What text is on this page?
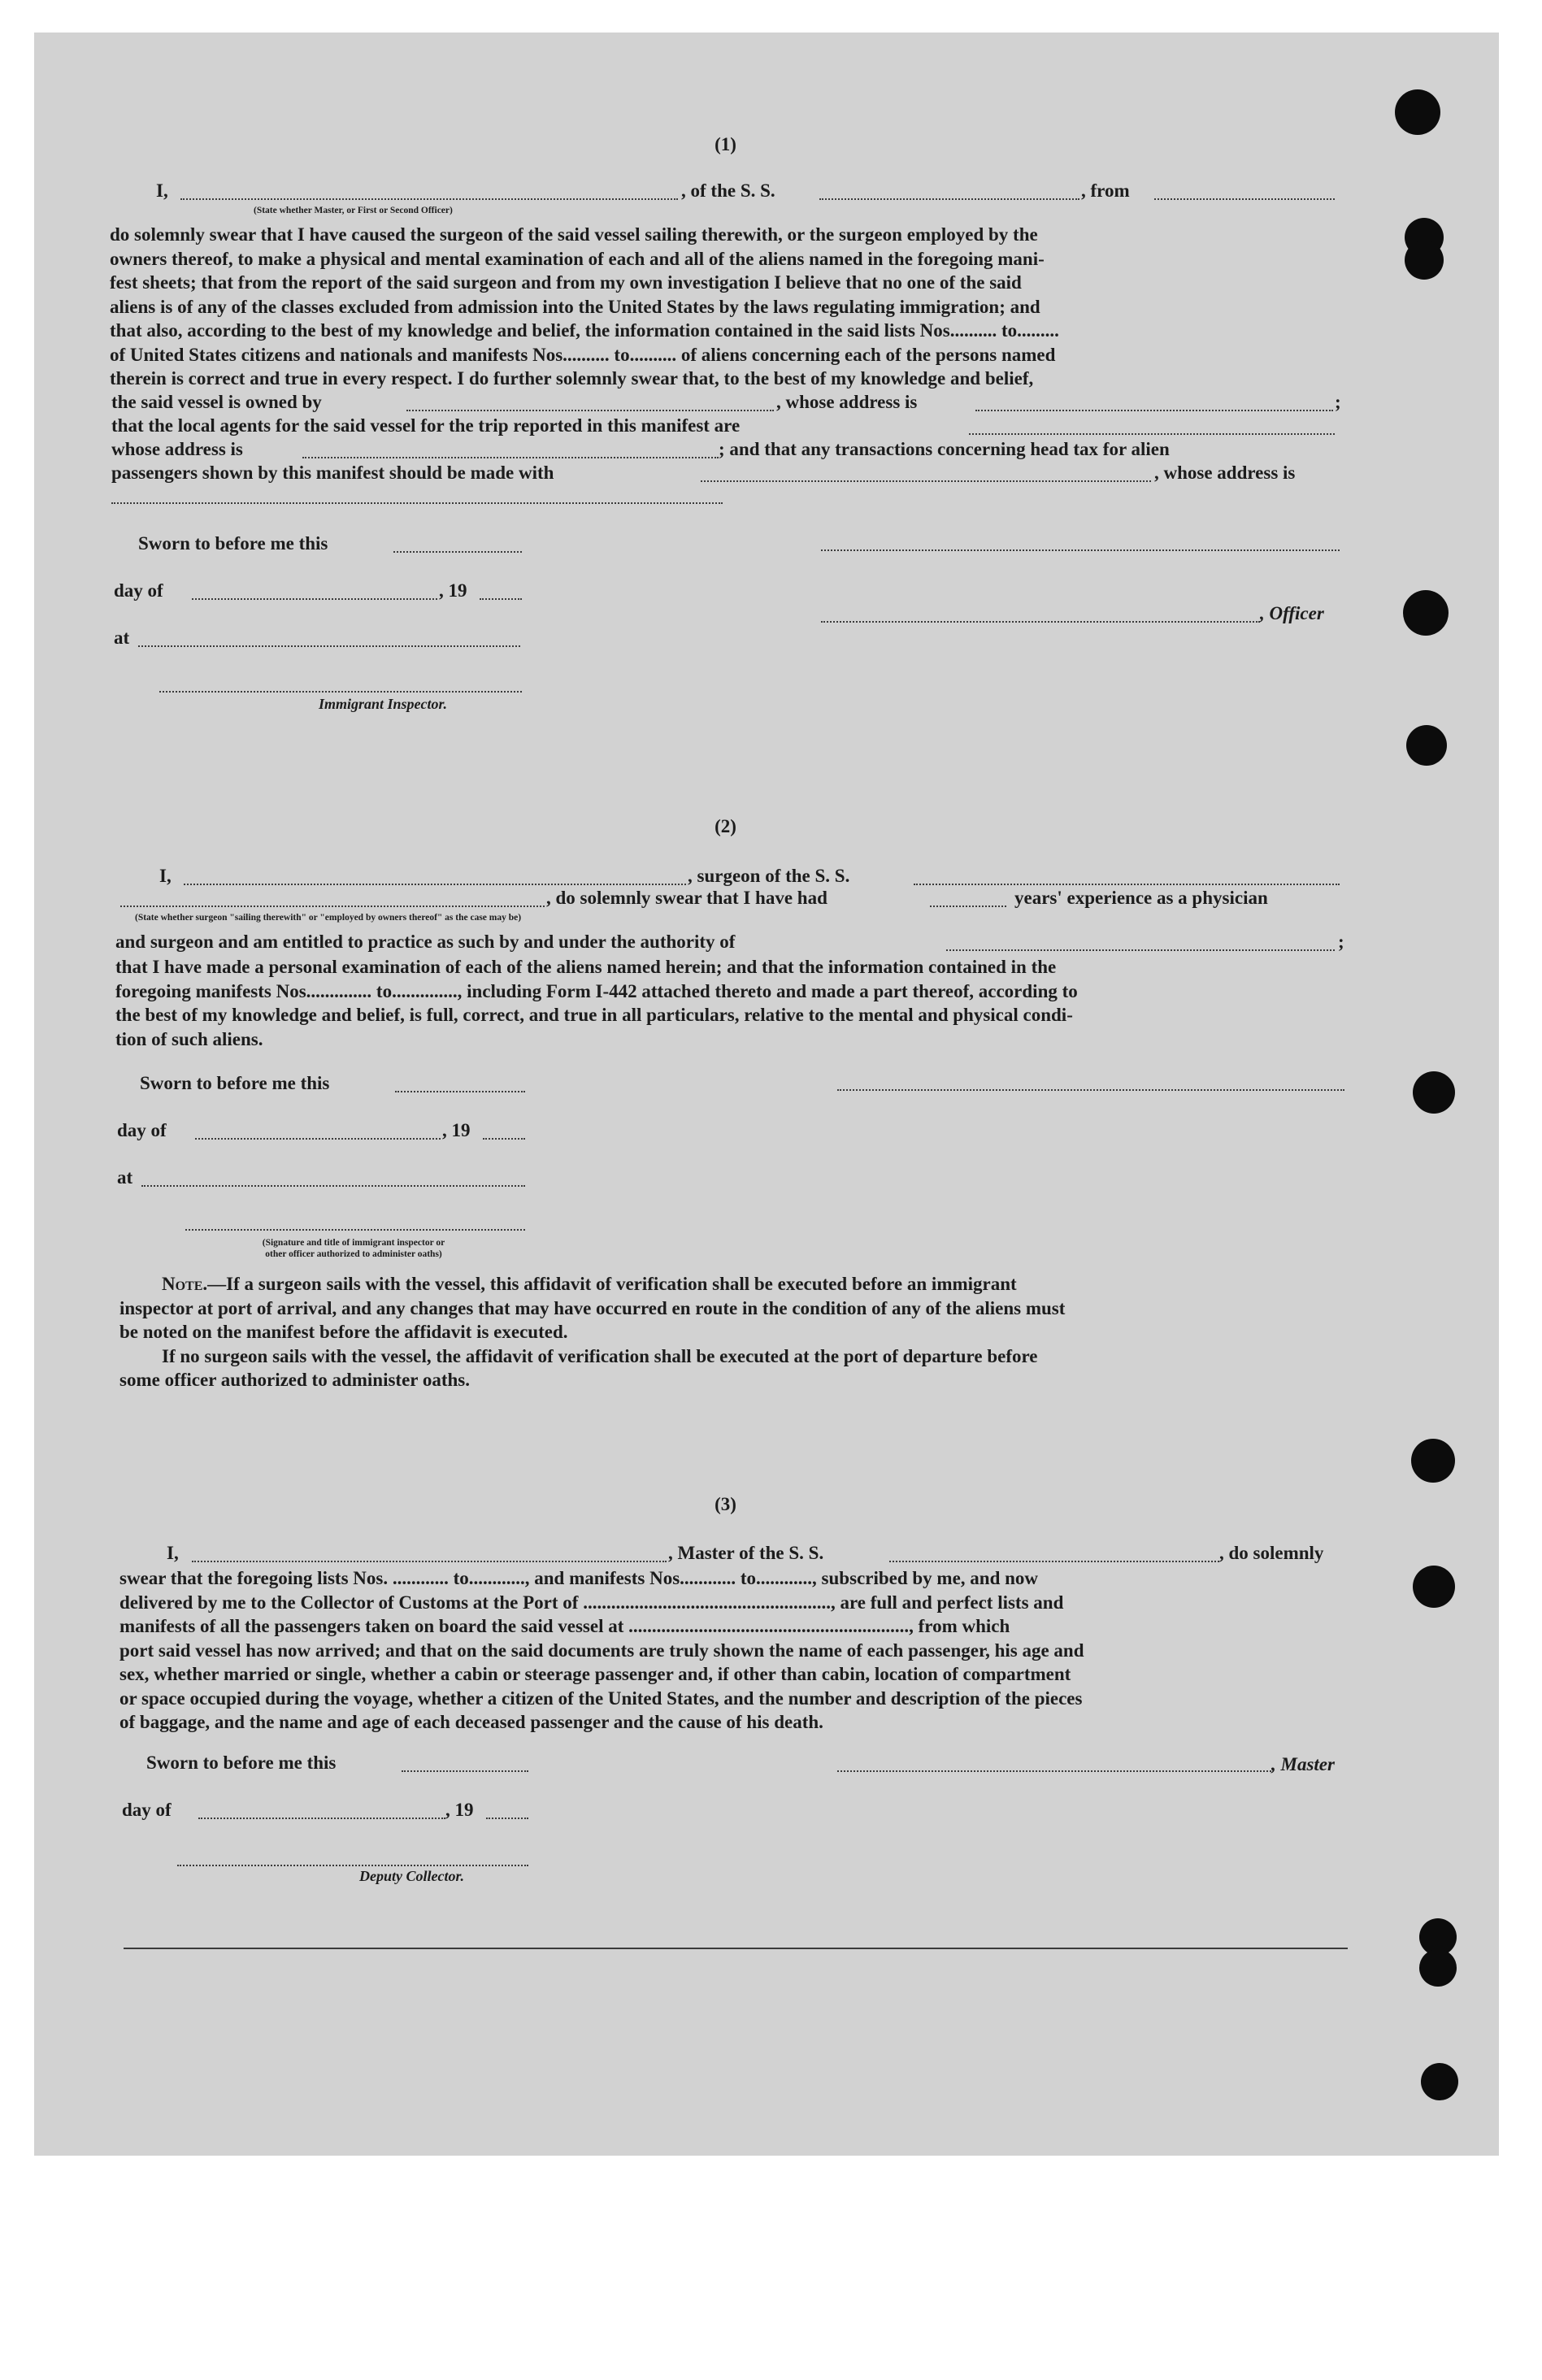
(1)

I,	, of the S. S.	, from
(State whether Master, or First or Second Officer)

do solemnly swear that I have caused the surgeon of the said vessel sailing therewith, or the surgeon employed by the

owners thereof, to make a physical and mental examination of each and all of the aliens named in the foregoing mani-

fest sheets; that from the report of the said surgeon and from my own investigation I believe that no one of the said

aliens is of any of the classes excluded from admission into the United States by the laws regulating immigration; and

that also, according to the best of my knowledge and belief, the information contained in the said lists Nos.......... to.........

of United States citizens and nationals and manifests Nos.......... to.......... of aliens concerning each of the persons named

therein is correct and true in every respect. I do further solemnly swear that, to the best of my knowledge and belief,

the said vessel is owned by	, whose address is	;
that the local agents for the said vessel for the trip reported in this manifest are
whose address is	; and that any transactions concerning head tax for alien
passengers shown by this manifest should be made with	, whose address is
Sworn to before me this
day of	, 19
, Officer
at
Immigrant Inspector.

(2)

I,	, surgeon of the S. S.
, do solemnly swear that I have had	years' experience as a physician
(State whether surgeon "sailing therewith" or "employed by owners thereof" as the case may be)
and surgeon and am entitled to practice as such by and under the authority of	;

that I have made a personal examination of each of the aliens named herein; and that the information contained in the

foregoing manifests Nos.............. to.............., including Form I-442 attached thereto and made a part thereof, according to

the best of my knowledge and belief, is full, correct, and true in all particulars, relative to the mental and physical condi-

tion of such aliens.

Sworn to before me this
day of	, 19
at
(Signature and title of immigrant inspector or
other officer authorized to administer oaths)

Note.—If a surgeon sails with the vessel, this affidavit of verification shall be executed before an immigrant

inspector at port of arrival, and any changes that may have occurred en route in the condition of any of the aliens must

be noted on the manifest before the affidavit is executed.

If no surgeon sails with the vessel, the affidavit of verification shall be executed at the port of departure before

some officer authorized to administer oaths.

(3)

I,	, Master of the S. S.	, do solemnly

swear that the foregoing lists Nos. ............ to............, and manifests Nos............ to............, subscribed by me, and now

delivered by me to the Collector of Customs at the Port of ....................................................., are full and perfect lists and

manifests of all the passengers taken on board the said vessel at ............................................................, from which

port said vessel has now arrived; and that on the said documents are truly shown the name of each passenger, his age and

sex, whether married or single, whether a cabin or steerage passenger and, if other than cabin, location of compartment

or space occupied during the voyage, whether a citizen of the United States, and the number and description of the pieces

of baggage, and the name and age of each deceased passenger and the cause of his death.

Sworn to before me this	, Master
day of	, 19
Deputy Collector.
